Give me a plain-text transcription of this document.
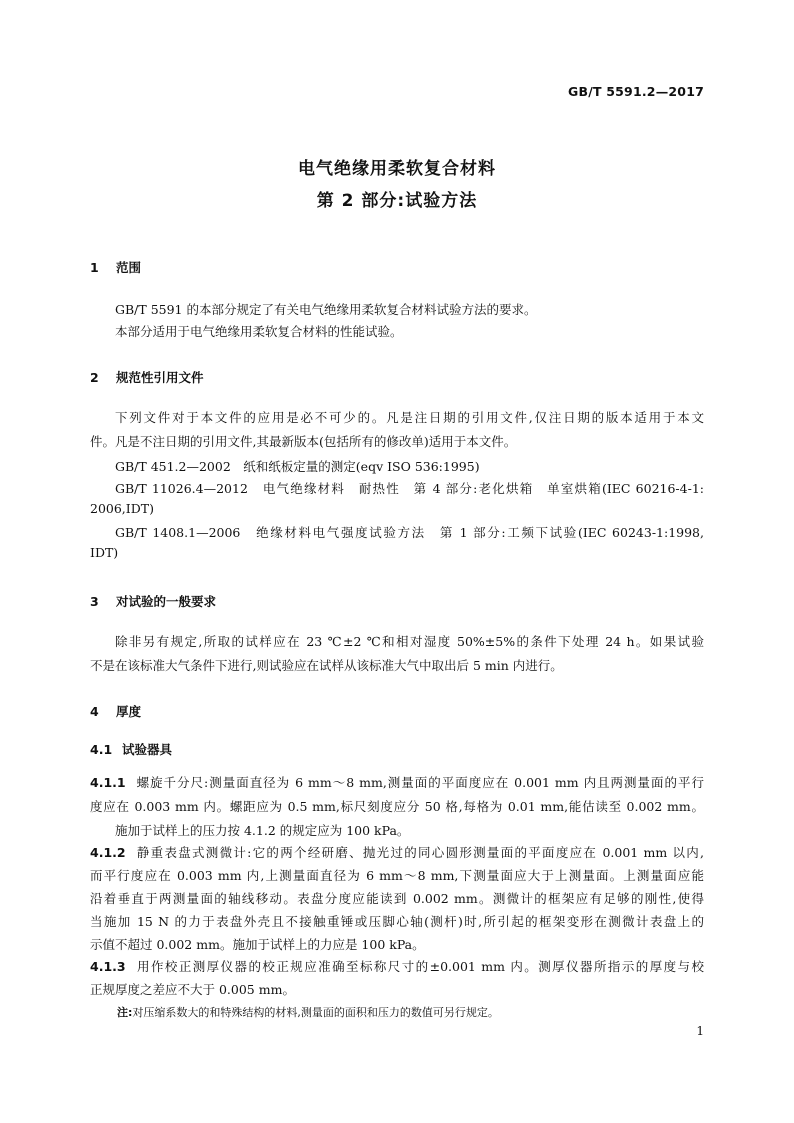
GB/T 5591.2—2017
电气绝缘用柔软复合材料
第 2 部分:试验方法
1 范围
GB/T 5591 的本部分规定了有关电气绝缘用柔软复合材料试验方法的要求。
本部分适用于电气绝缘用柔软复合材料的性能试验。
2 规范性引用文件
下列文件对于本文件的应用是必不可少的。凡是注日期的引用文件,仅注日期的版本适用于本文
件。凡是不注日期的引用文件,其最新版本(包括所有的修改单)适用于本文件。
GB/T 451.2—2002　纸和纸板定量的测定(eqv ISO 536:1995)
GB/T 11026.4—2012　电气绝缘材料　耐热性　第 4 部分:老化烘箱　单室烘箱(IEC 60216-4-1:
2006,IDT)
GB/T 1408.1—2006　绝缘材料电气强度试验方法　第 1 部分:工频下试验(IEC 60243-1:1998,
IDT)
3 对试验的一般要求
除非另有规定,所取的试样应在 23 ℃±2 ℃和相对湿度 50%±5%的条件下处理 24 h。如果试验
不是在该标准大气条件下进行,则试验应在试样从该标准大气中取出后 5 min 内进行。
4 厚度
4.1 试验器具
4.1.1 螺旋千分尺:测量面直径为 6 mm～8 mm,测量面的平面度应在 0.001 mm 内且两测量面的平行
度应在 0.003 mm 内。螺距应为 0.5 mm,标尺刻度应分 50 格,每格为 0.01 mm,能估读至 0.002 mm。
施加于试样上的压力按 4.1.2 的规定应为 100 kPa。
4.1.2 静重表盘式测微计:它的两个经研磨、抛光过的同心圆形测量面的平面度应在 0.001 mm 以内,
而平行度应在 0.003 mm 内,上测量面直径为 6 mm～8 mm,下测量面应大于上测量面。上测量面应能
沿着垂直于两测量面的轴线移动。表盘分度应能读到 0.002 mm。测微计的框架应有足够的刚性,使得
当施加 15 N 的力于表盘外壳且不接触重锤或压脚心轴(测杆)时,所引起的框架变形在测微计表盘上的
示值不超过 0.002 mm。施加于试样上的力应是 100 kPa。
4.1.3 用作校正测厚仪器的校正规应准确至标称尺寸的±0.001 mm 内。测厚仪器所指示的厚度与校
正规厚度之差应不大于 0.005 mm。
注:对压缩系数大的和特殊结构的材料,测量面的面积和压力的数值可另行规定。
1
